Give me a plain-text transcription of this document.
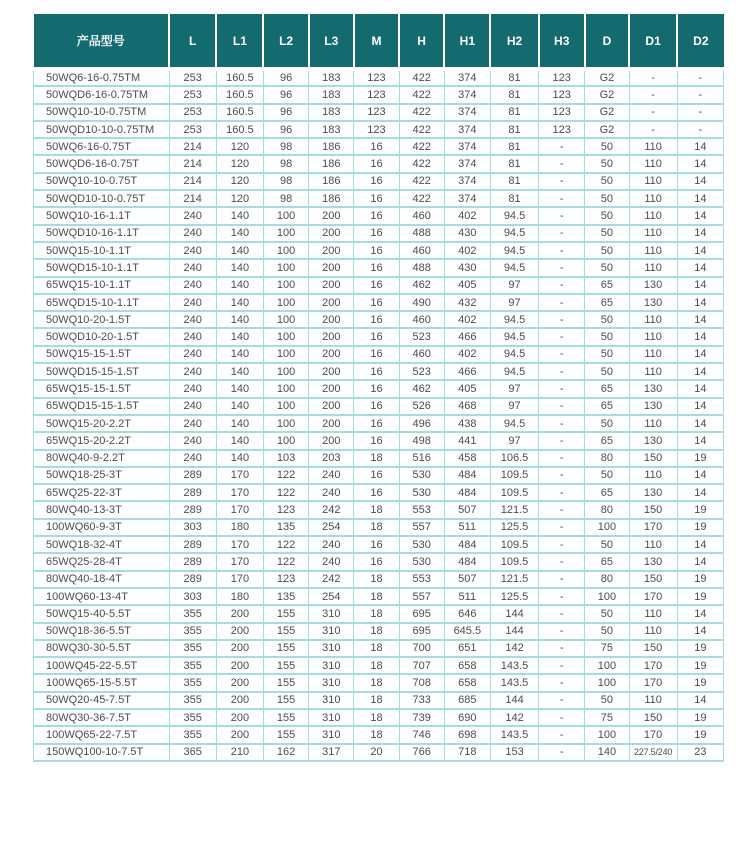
产品型号	L	L1	L2	L3	M	H	H1	H2	H3	D	D1	D2
50WQ6-16-0.75TM	253	160.5	96	183	123	422	374	81	123	G2	-	-
50WQD6-16-0.75TM	253	160.5	96	183	123	422	374	81	123	G2	-	-
50WQ10-10-0.75TM	253	160.5	96	183	123	422	374	81	123	G2	-	-
50WQD10-10-0.75TM	253	160.5	96	183	123	422	374	81	123	G2	-	-
50WQ6-16-0.75T	214	120	98	186	16	422	374	81	-	50	110	14
50WQD6-16-0.75T	214	120	98	186	16	422	374	81	-	50	110	14
50WQ10-10-0.75T	214	120	98	186	16	422	374	81	-	50	110	14
50WQD10-10-0.75T	214	120	98	186	16	422	374	81	-	50	110	14
50WQ10-16-1.1T	240	140	100	200	16	460	402	94.5	-	50	110	14
50WQD10-16-1.1T	240	140	100	200	16	488	430	94.5	-	50	110	14
50WQ15-10-1.1T	240	140	100	200	16	460	402	94.5	-	50	110	14
50WQD15-10-1.1T	240	140	100	200	16	488	430	94.5	-	50	110	14
65WQ15-10-1.1T	240	140	100	200	16	462	405	97	-	65	130	14
65WQD15-10-1.1T	240	140	100	200	16	490	432	97	-	65	130	14
50WQ10-20-1.5T	240	140	100	200	16	460	402	94.5	-	50	110	14
50WQD10-20-1.5T	240	140	100	200	16	523	466	94.5	-	50	110	14
50WQ15-15-1.5T	240	140	100	200	16	460	402	94.5	-	50	110	14
50WQD15-15-1.5T	240	140	100	200	16	523	466	94.5	-	50	110	14
65WQ15-15-1.5T	240	140	100	200	16	462	405	97	-	65	130	14
65WQD15-15-1.5T	240	140	100	200	16	526	468	97	-	65	130	14
50WQ15-20-2.2T	240	140	100	200	16	496	438	94.5	-	50	110	14
65WQ15-20-2.2T	240	140	100	200	16	498	441	97	-	65	130	14
80WQ40-9-2.2T	240	140	103	203	18	516	458	106.5	-	80	150	19
50WQ18-25-3T	289	170	122	240	16	530	484	109.5	-	50	110	14
65WQ25-22-3T	289	170	122	240	16	530	484	109.5	-	65	130	14
80WQ40-13-3T	289	170	123	242	18	553	507	121.5	-	80	150	19
100WQ60-9-3T	303	180	135	254	18	557	511	125.5	-	100	170	19
50WQ18-32-4T	289	170	122	240	16	530	484	109.5	-	50	110	14
65WQ25-28-4T	289	170	122	240	16	530	484	109.5	-	65	130	14
80WQ40-18-4T	289	170	123	242	18	553	507	121.5	-	80	150	19
100WQ60-13-4T	303	180	135	254	18	557	511	125.5	-	100	170	19
50WQ15-40-5.5T	355	200	155	310	18	695	646	144	-	50	110	14
50WQ18-36-5.5T	355	200	155	310	18	695	645.5	144	-	50	110	14
80WQ30-30-5.5T	355	200	155	310	18	700	651	142	-	75	150	19
100WQ45-22-5.5T	355	200	155	310	18	707	658	143.5	-	100	170	19
100WQ65-15-5.5T	355	200	155	310	18	708	658	143.5	-	100	170	19
50WQ20-45-7.5T	355	200	155	310	18	733	685	144	-	50	110	14
80WQ30-36-7.5T	355	200	155	310	18	739	690	142	-	75	150	19
100WQ65-22-7.5T	355	200	155	310	18	746	698	143.5	-	100	170	19
150WQ100-10-7.5T	365	210	162	317	20	766	718	153	-	140	227.5/240	23
